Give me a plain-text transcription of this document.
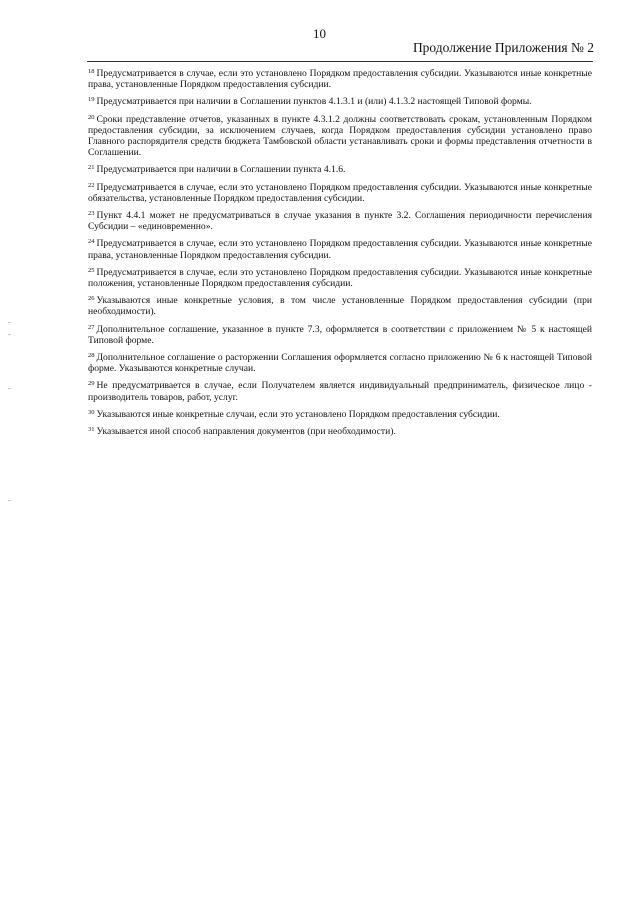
10
Продолжение Приложения № 2

$^{18}$ Предусматривается в случае, если это установлено Порядком предоставления субсидии. Указываются иные конкретные права, установленные Порядком предоставления субсидии.

$^{19}$ Предусматривается при наличии в Соглашении пунктов 4.1.3.1 и (или) 4.1.3.2 настоящей Типовой формы.

$^{20}$ Сроки представление отчетов, указанных в пункте 4.3.1.2 должны соответствовать срокам, установленным Порядком предоставления субсидии, за исключением случаев, когда Порядком предоставления субсидии установлено право Главного распорядителя средств бюджета Тамбовской области устанавливать сроки и формы представления отчетности в Соглашении.

$^{21}$ Предусматривается при наличии в Соглашении пункта 4.1.6.

$^{22}$ Предусматривается в случае, если это установлено Порядком предоставления субсидии. Указываются иные конкретные обязательства, установленные Порядком предоставления субсидии.

$^{23}$ Пункт 4.4.1 может не предусматриваться в случае указания в пункте 3.2. Соглашения периодичности перечисления Субсидии – «единовременно».

$^{24}$ Предусматривается в случае, если это установлено Порядком предоставления субсидии. Указываются иные конкретные права, установленные Порядком предоставления субсидии.

$^{25}$ Предусматривается в случае, если это установлено Порядком предоставления субсидии. Указываются иные конкретные положения, установленные Порядком предоставления субсидии.

$^{26}$ Указываются иные конкретные условия, в том числе установленные Порядком предоставления субсидии (при необходимости).

$^{27}$ Дополнительное соглашение, указанное в пункте 7.3, оформляется в соответствии с приложением № 5 к настоящей Типовой форме.

$^{28}$ Дополнительное соглашение о расторжении Соглашения оформляется согласно приложению № 6 к настоящей Типовой форме. Указываются конкретные случаи.

$^{29}$ Не предусматривается в случае, если Получателем является индивидуальный предприниматель, физическое лицо - производитель товаров, работ, услуг.

$^{30}$ Указываются иные конкретные случаи, если это установлено Порядком предоставления субсидии.

$^{31}$ Указывается иной способ направления документов (при необходимости).
